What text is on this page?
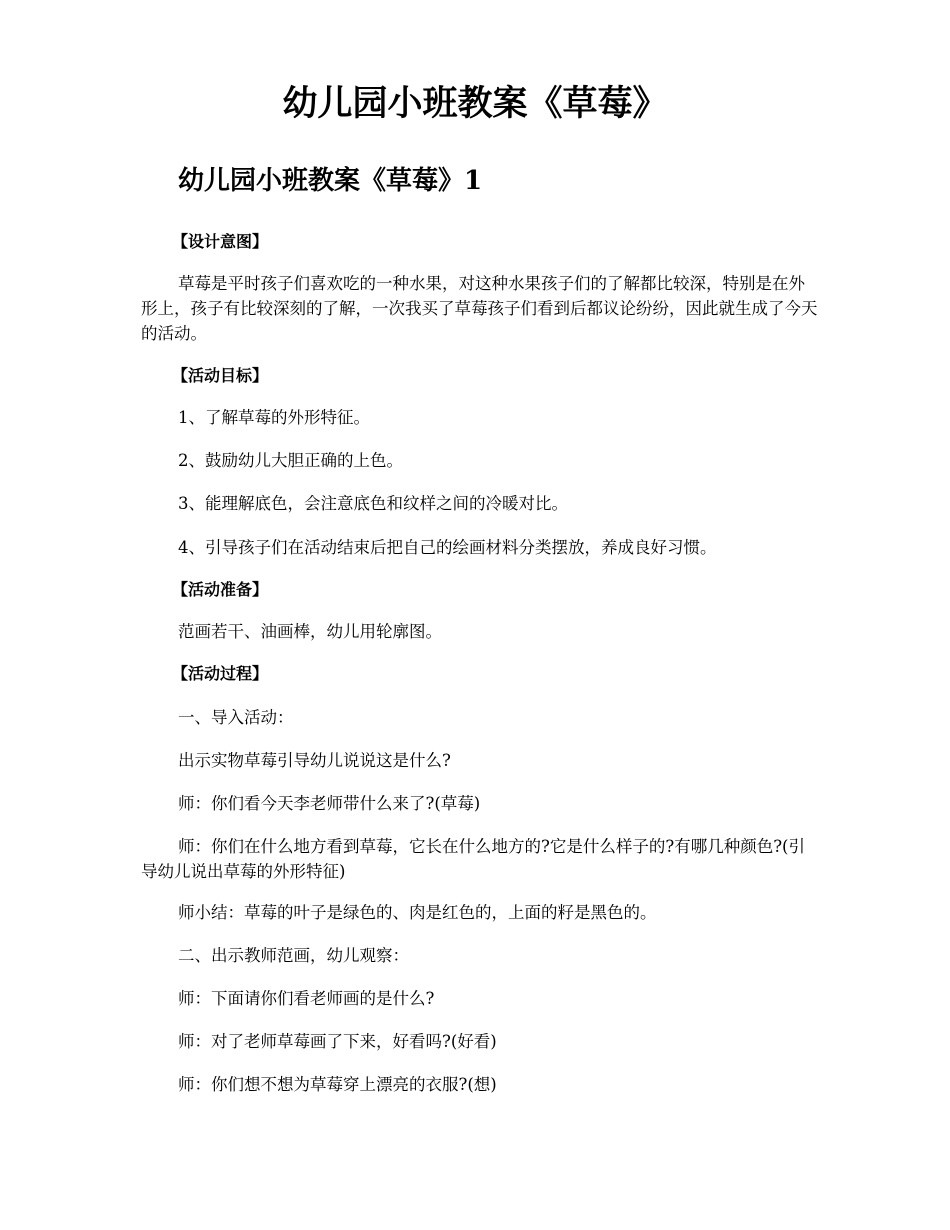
幼儿园小班教案《草莓》
幼儿园小班教案《草莓》1
【设计意图】

草莓是平时孩子们喜欢吃的一种水果，对这种水果孩子们的了解都比较深，特别是在外形上，孩子有比较深刻的了解，一次我买了草莓孩子们看到后都议论纷纷，因此就生成了今天的活动。

【活动目标】
1、了解草莓的外形特征。
2、鼓励幼儿大胆正确的上色。
3、能理解底色，会注意底色和纹样之间的冷暖对比。
4、引导孩子们在活动结束后把自己的绘画材料分类摆放，养成良好习惯。
【活动准备】
范画若干、油画棒，幼儿用轮廓图。
【活动过程】
一、导入活动：
出示实物草莓引导幼儿说说这是什么?
师：你们看今天李老师带什么来了?(草莓)

师：你们在什么地方看到草莓，它长在什么地方的?它是什么样子的?有哪几种颜色?(引导幼儿说出草莓的外形特征)

师小结：草莓的叶子是绿色的、肉是红色的，上面的籽是黑色的。
二、出示教师范画，幼儿观察：
师：下面请你们看老师画的是什么?
师：对了老师草莓画了下来，好看吗?(好看)
师：你们想不想为草莓穿上漂亮的衣服?(想)
